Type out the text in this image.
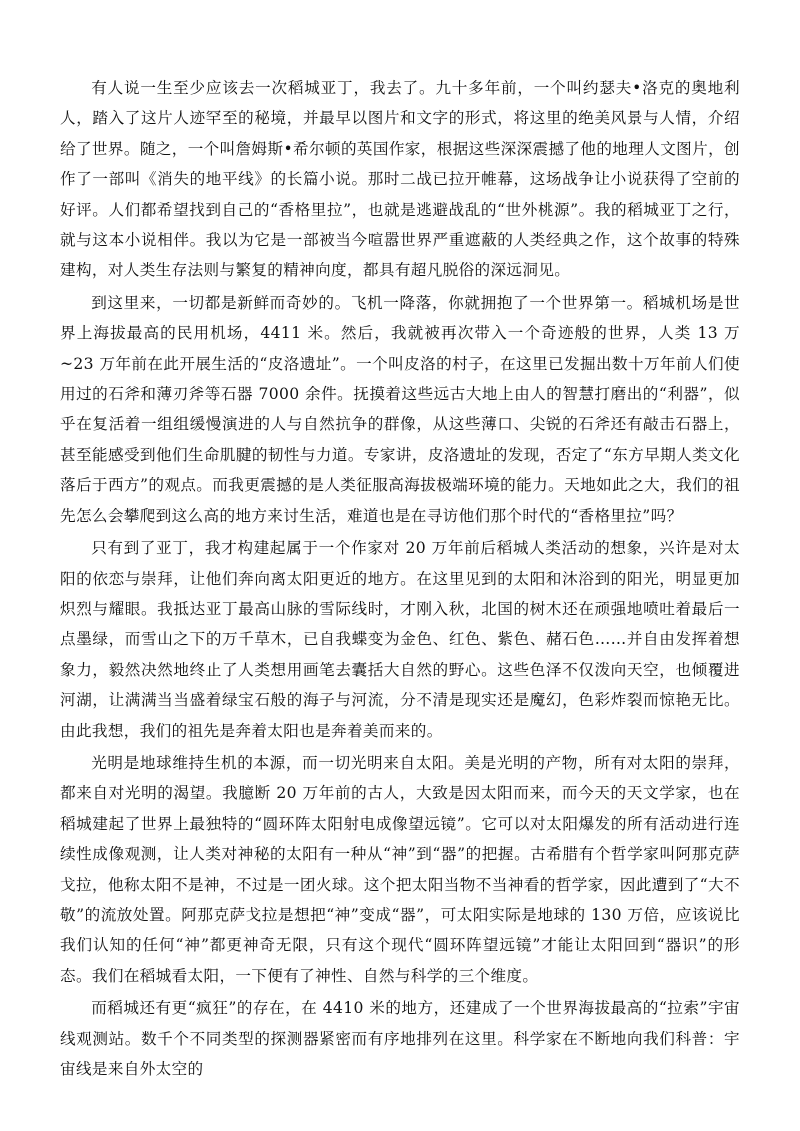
有人说一生至少应该去一次稻城亚丁，我去了。九十多年前，一个叫约瑟夫•洛克的奥地利人，踏入了这片人迹罕至的秘境，并最早以图片和文字的形式，将这里的绝美风景与人情，介绍给了世界。随之，一个叫詹姆斯•希尔顿的英国作家，根据这些深深震撼了他的地理人文图片，创作了一部叫《消失的地平线》的长篇小说。那时二战已拉开帷幕，这场战争让小说获得了空前的好评。人们都希望找到自己的“香格里拉”，也就是逃避战乱的“世外桃源”。我的稻城亚丁之行，就与这本小说相伴。我以为它是一部被当今喧嚣世界严重遮蔽的人类经典之作，这个故事的特殊建构，对人类生存法则与繁复的精神向度，都具有超凡脱俗的深远洞见。

到这里来，一切都是新鲜而奇妙的。飞机一降落，你就拥抱了一个世界第一。稻城机场是世界上海拔最高的民用机场，4411 米。然后，我就被再次带入一个奇迹般的世界，人类 13 万~23 万年前在此开展生活的“皮洛遗址”。一个叫皮洛的村子，在这里已发掘出数十万年前人们使用过的石斧和薄刃斧等石器 7000 余件。抚摸着这些远古大地上由人的智慧打磨出的“利器”，似乎在复活着一组组缓慢演进的人与自然抗争的群像，从这些薄口、尖锐的石斧还有敲击石器上，甚至能感受到他们生命肌腱的韧性与力道。专家讲，皮洛遗址的发现，否定了“东方早期人类文化落后于西方”的观点。而我更震撼的是人类征服高海拔极端环境的能力。天地如此之大，我们的祖先怎么会攀爬到这么高的地方来讨生活，难道也是在寻访他们那个时代的“香格里拉”吗？

只有到了亚丁，我才构建起属于一个作家对 20 万年前后稻城人类活动的想象，兴许是对太阳的依恋与崇拜，让他们奔向离太阳更近的地方。在这里见到的太阳和沐浴到的阳光，明显更加炽烈与耀眼。我抵达亚丁最高山脉的雪际线时，才刚入秋，北国的树木还在顽强地喷吐着最后一点墨绿，而雪山之下的万千草木，已自我蝶变为金色、红色、紫色、赭石色……并自由发挥着想象力，毅然决然地终止了人类想用画笔去囊括大自然的野心。这些色泽不仅泼向天空，也倾覆进河湖，让满满当当盛着绿宝石般的海子与河流，分不清是现实还是魔幻，色彩炸裂而惊艳无比。由此我想，我们的祖先是奔着太阳也是奔着美而来的。

光明是地球维持生机的本源，而一切光明来自太阳。美是光明的产物，所有对太阳的崇拜，都来自对光明的渴望。我臆断 20 万年前的古人，大致是因太阳而来，而今天的天文学家，也在稻城建起了世界上最独特的“圆环阵太阳射电成像望远镜”。它可以对太阳爆发的所有活动进行连续性成像观测，让人类对神秘的太阳有一种从“神”到“器”的把握。古希腊有个哲学家叫阿那克萨戈拉，他称太阳不是神，不过是一团火球。这个把太阳当物不当神看的哲学家，因此遭到了“大不敬”的流放处置。阿那克萨戈拉是想把“神”变成“器”，可太阳实际是地球的 130 万倍，应该说比我们认知的任何“神”都更神奇无限，只有这个现代“圆环阵望远镜”才能让太阳回到“器识”的形态。我们在稻城看太阳，一下便有了神性、自然与科学的三个维度。

而稻城还有更“疯狂”的存在，在 4410 米的地方，还建成了一个世界海拔最高的“拉索”宇宙线观测站。数千个不同类型的探测器紧密而有序地排列在这里。科学家在不断地向我们科普：宇宙线是来自外太空的
